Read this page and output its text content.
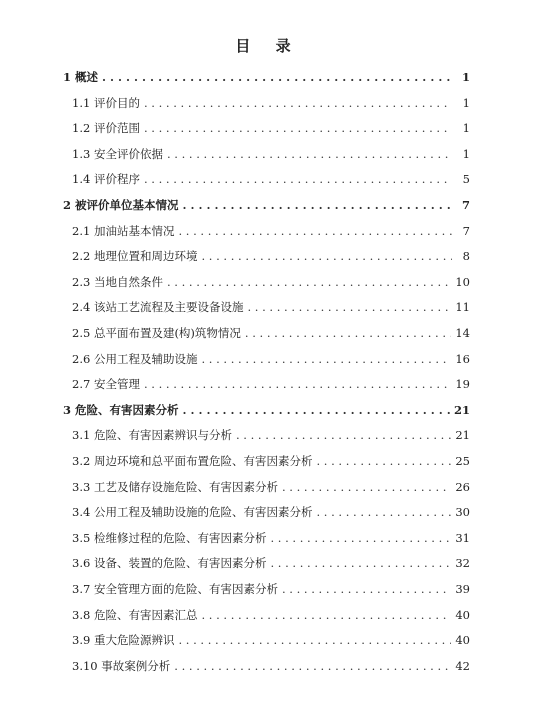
目 录
1 概述 . . .	1
1.1 评价目的 . . .	1
1.2 评价范围 . . .	1
1.3 安全评价依据 . . .	1
1.4 评价程序 . . .	5
2 被评价单位基本情况 . . .	7
2.1 加油站基本情况 . . .	7
2.2 地理位置和周边环境 . . .	8
2.3 当地自然条件 . . .	10
2.4 该站工艺流程及主要设备设施 . . .	11
2.5 总平面布置及建(构)筑物情况 . . .	14
2.6 公用工程及辅助设施 . . .	16
2.7 安全管理 . . .	19
3 危险、有害因素分析 . . .	21
3.1 危险、有害因素辨识与分析 . . .	21
3.2 周边环境和总平面布置危险、有害因素分析 . . .	25
3.3 工艺及储存设施危险、有害因素分析 . . .	26
3.4 公用工程及辅助设施的危险、有害因素分析 . . .	30
3.5 检维修过程的危险、有害因素分析 . . .	31
3.6 设备、装置的危险、有害因素分析 . . .	32
3.7 安全管理方面的危险、有害因素分析 . . .	39
3.8 危险、有害因素汇总 . . .	40
3.9 重大危险源辨识 . . .	40
3.10 事故案例分析 . . .	42
